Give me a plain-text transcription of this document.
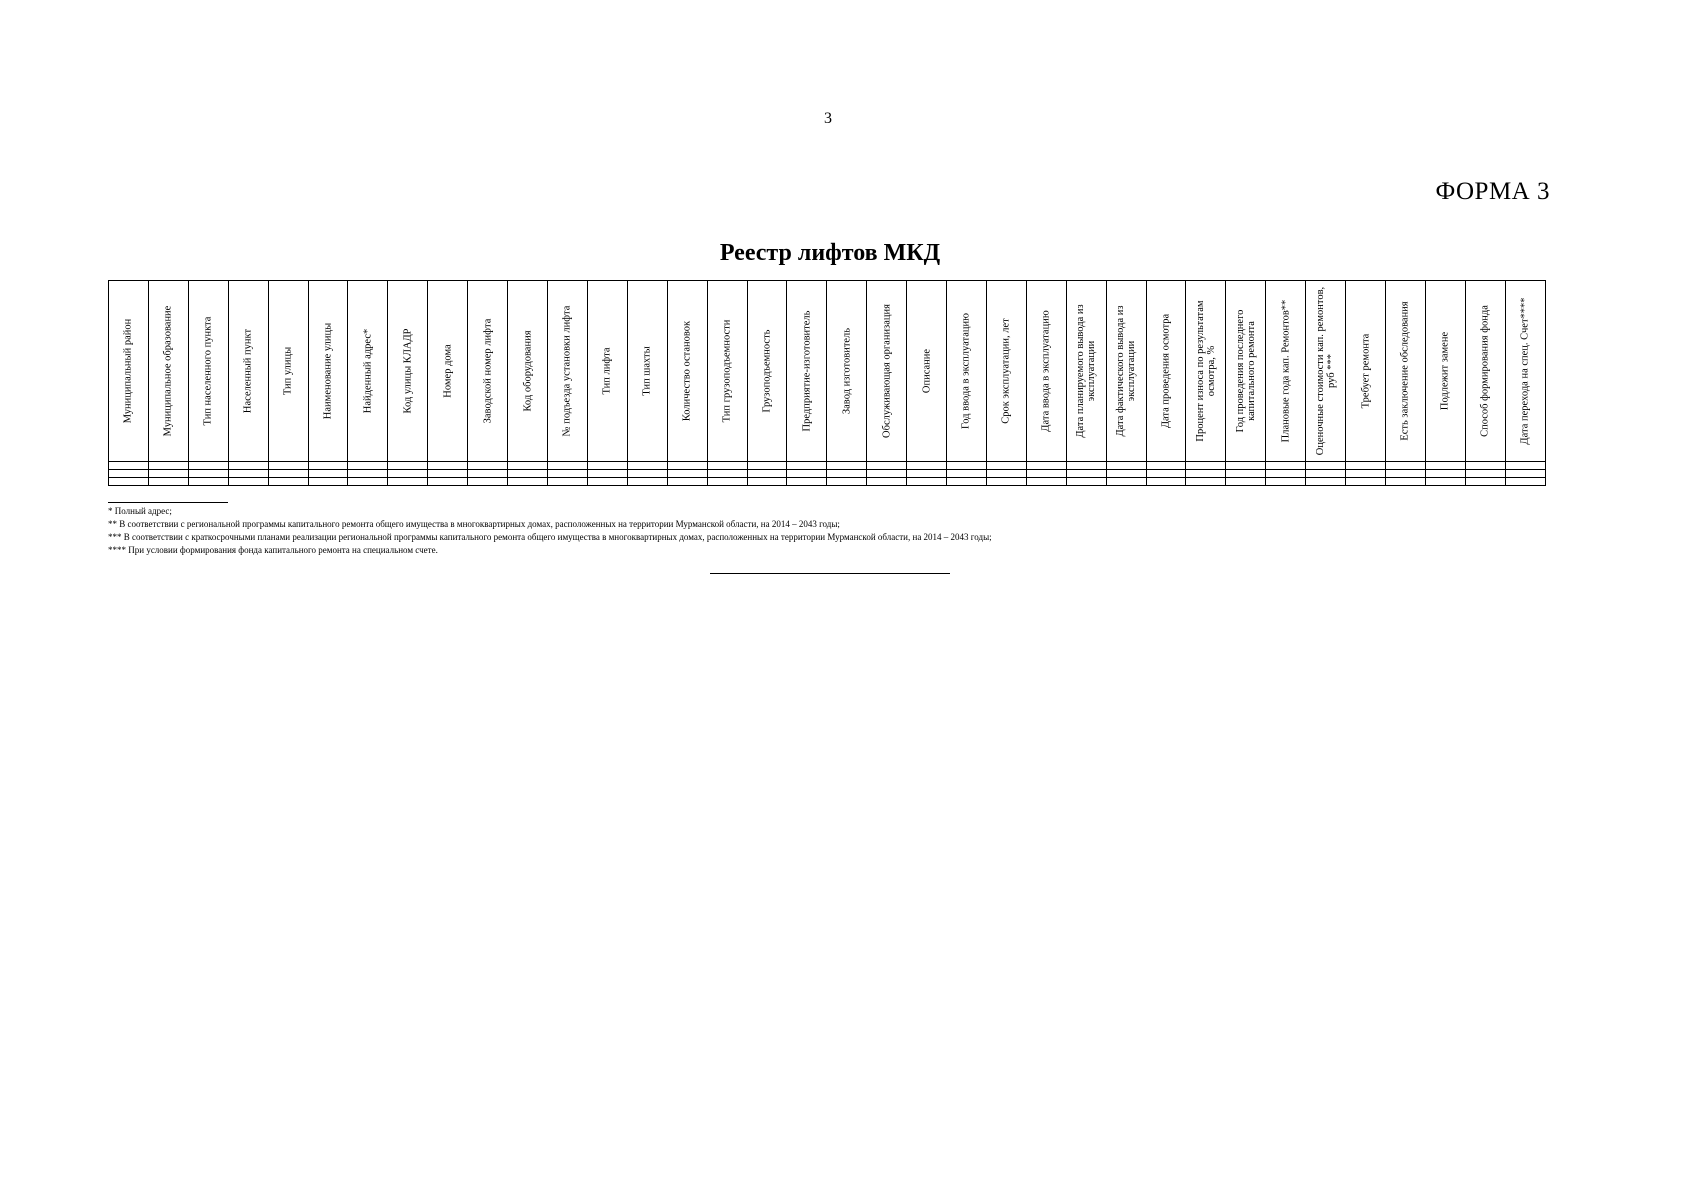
3
ФОРМА 3
Реестр лифтов МКД
Муниципальный район	Муниципальное образование	Тип населенного пункта	Населенный пункт	Тип улицы	Наименование улицы	Найденный адрес*	Код улицы КЛАДР	Номер дома	Заводской номер лифта	Код оборудования	№ подъезда установки лифта	Тип лифта	Тип шахты	Количество остановок	Тип грузоподъемности	Грузоподъемность	Предприятие-изготовитель	Завод изготовитель	Обслуживающая организация	Описание	Год ввода в эксплуатацию	Срок эксплуатации, лет	Дата ввода в эксплуатацию	Дата планируемого вывода из эксплуатации	Дата фактического вывода из эксплуатации	Дата проведения осмотра	Процент износа по результатам осмотра, %	Год проведения последнего капитального ремонта	Плановые года кап. Ремонтов**	Оценочные стоимости кап. ремонтов, руб ***	Требует ремонта	Есть заключение обследования	Подлежит замене	Способ формирования фонда	Дата перехода на спец. Счет****

* Полный адрес;
** В соответствии с региональной программы капитального ремонта общего имущества в многоквартирных домах, расположенных на территории Мурманской области, на 2014 – 2043 годы;
*** В соответствии с краткосрочными планами реализации региональной программы капитального ремонта общего имущества в многоквартирных домах, расположенных на территории Мурманской области, на 2014 – 2043 годы;
**** При условии формирования фонда капитального ремонта на специальном счете.
